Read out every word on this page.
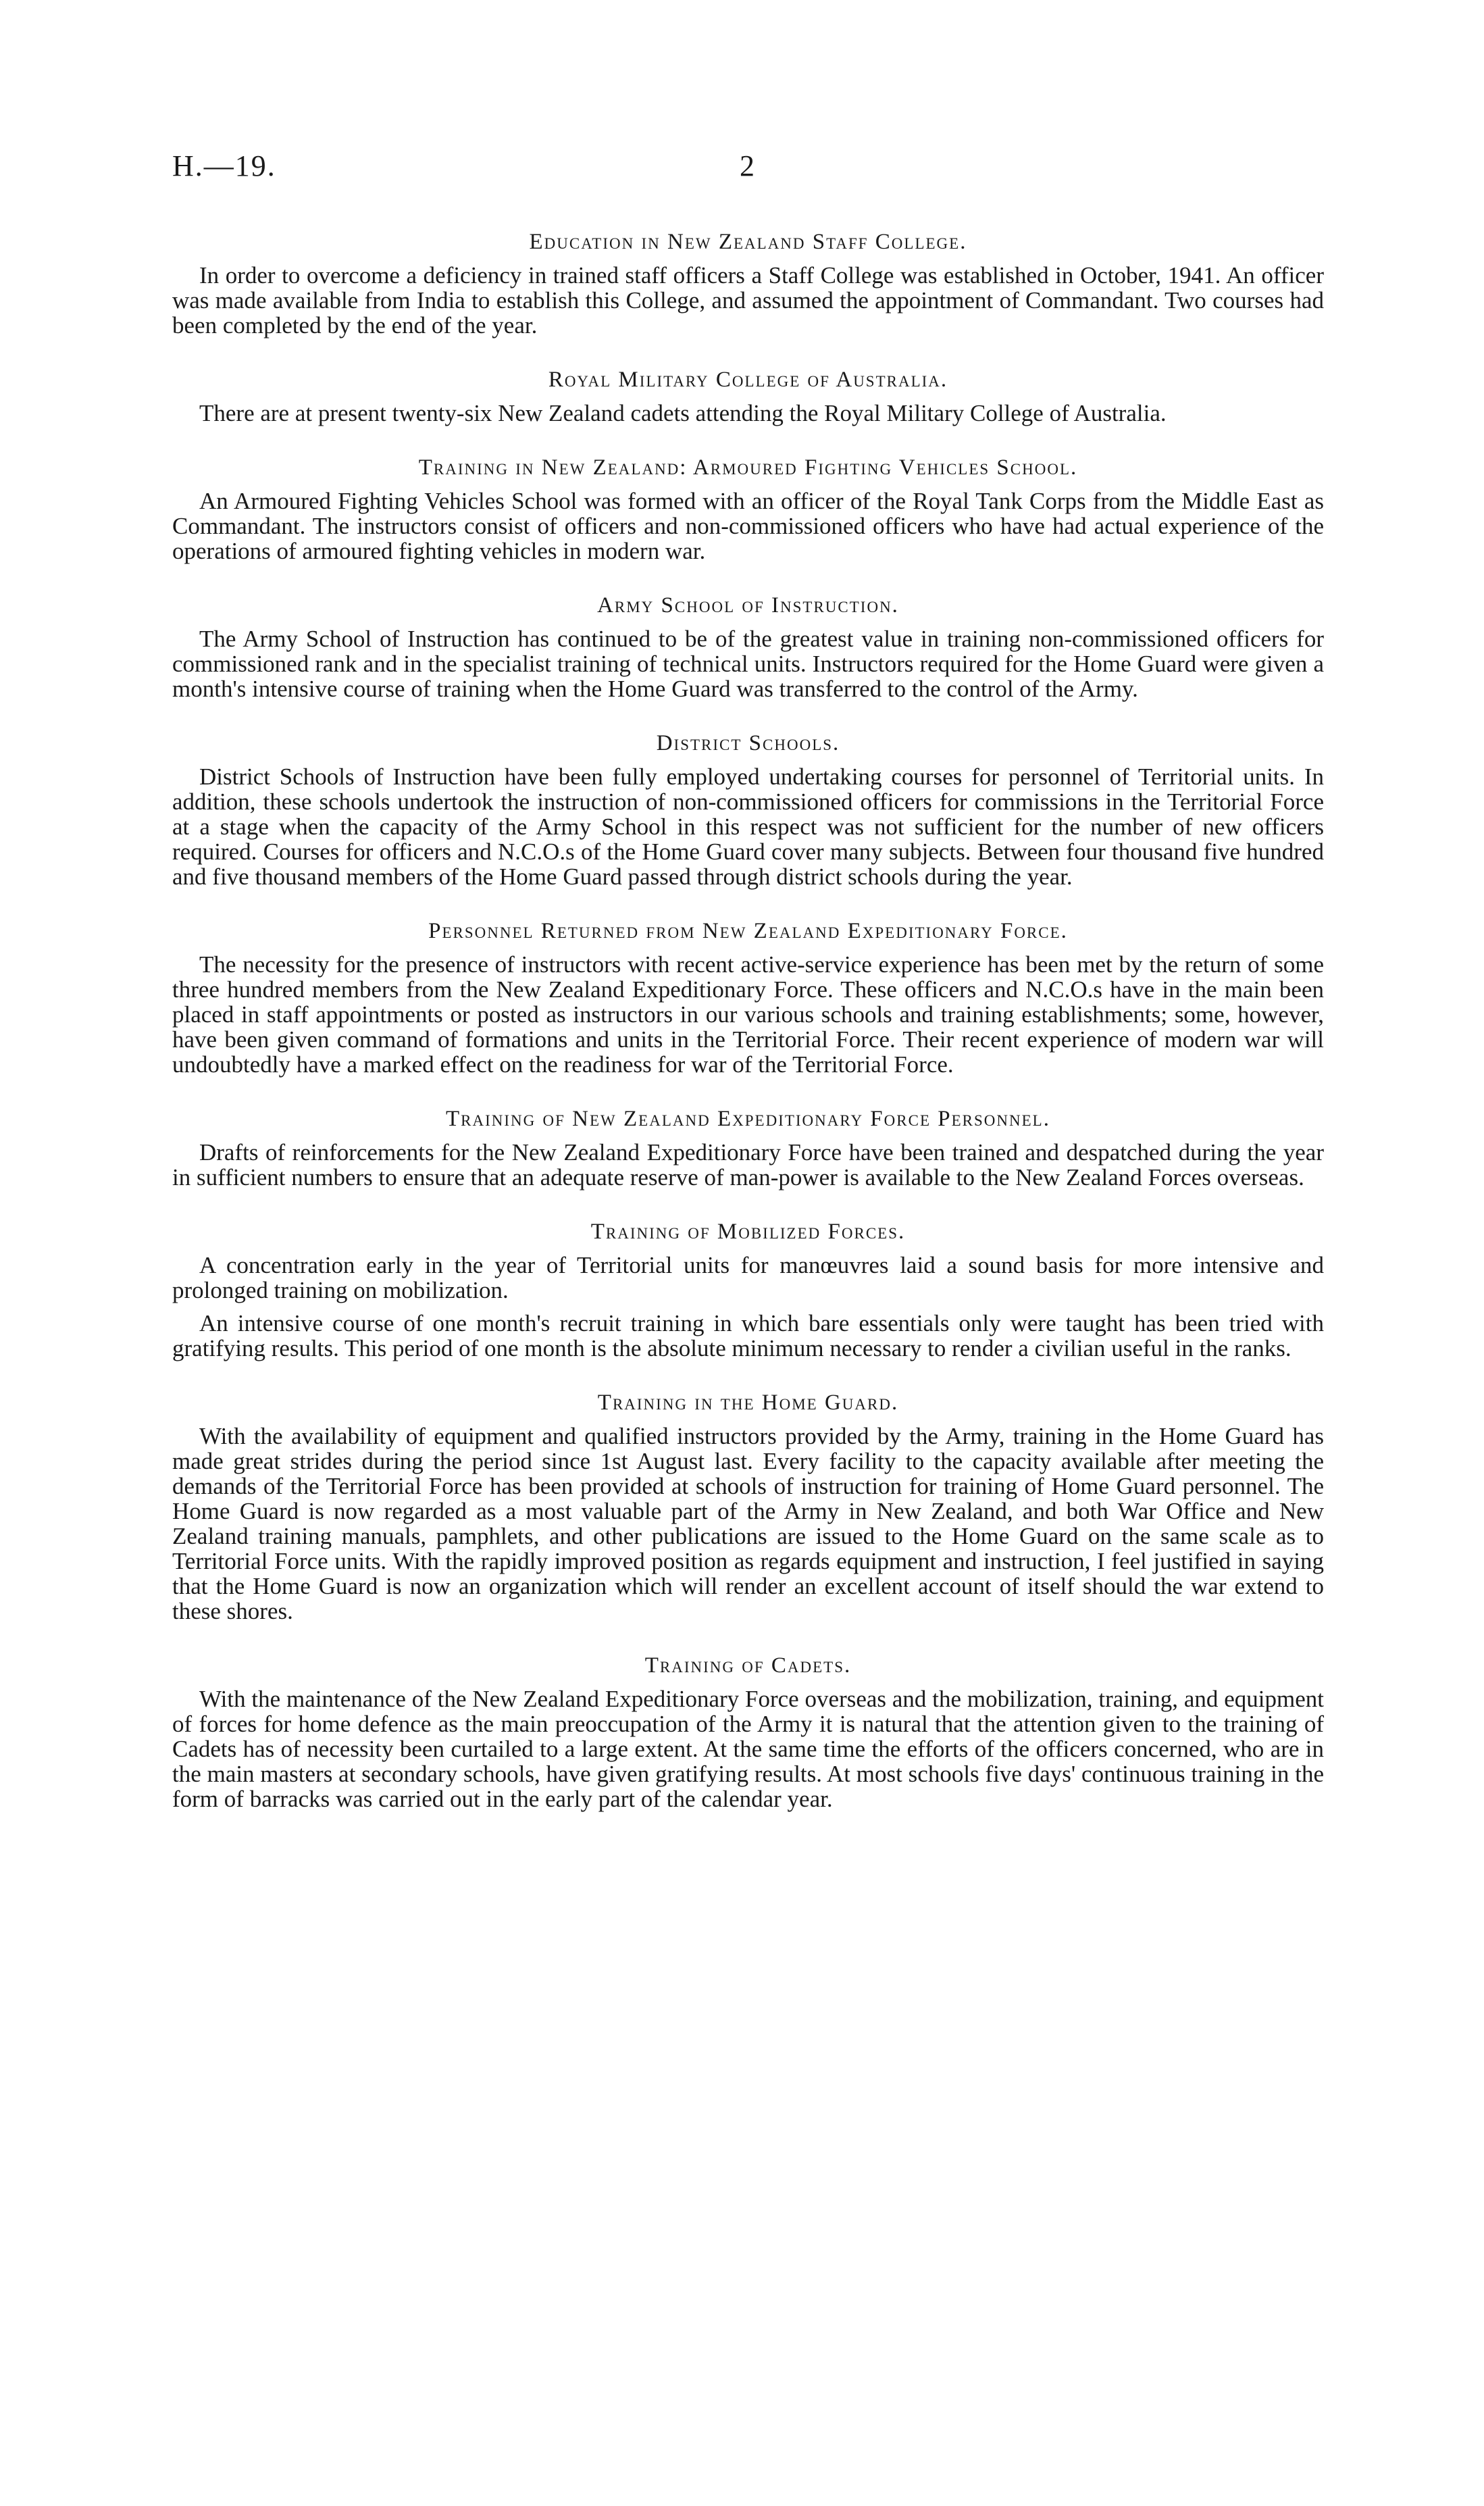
H.—19.	2
Education in New Zealand Staff College.

In order to overcome a deficiency in trained staff officers a Staff College was established in October, 1941. An officer was made available from India to establish this College, and assumed the appointment of Commandant. Two courses had been completed by the end of the year.

Royal Military College of Australia.

There are at present twenty-six New Zealand cadets attending the Royal Military College of Australia.

Training in New Zealand: Armoured Fighting Vehicles School.

An Armoured Fighting Vehicles School was formed with an officer of the Royal Tank Corps from the Middle East as Commandant. The instructors consist of officers and non-commissioned officers who have had actual experience of the operations of armoured fighting vehicles in modern war.

Army School of Instruction.

The Army School of Instruction has continued to be of the greatest value in training non-commissioned officers for commissioned rank and in the specialist training of technical units. Instructors required for the Home Guard were given a month's intensive course of training when the Home Guard was transferred to the control of the Army.

District Schools.

District Schools of Instruction have been fully employed undertaking courses for personnel of Territorial units. In addition, these schools undertook the instruction of non-commissioned officers for commissions in the Territorial Force at a stage when the capacity of the Army School in this respect was not sufficient for the number of new officers required. Courses for officers and N.C.O.s of the Home Guard cover many subjects. Between four thousand five hundred and five thousand members of the Home Guard passed through district schools during the year.

Personnel Returned from New Zealand Expeditionary Force.

The necessity for the presence of instructors with recent active-service experience has been met by the return of some three hundred members from the New Zealand Expeditionary Force. These officers and N.C.O.s have in the main been placed in staff appointments or posted as instructors in our various schools and training establishments; some, however, have been given command of formations and units in the Territorial Force. Their recent experience of modern war will undoubtedly have a marked effect on the readiness for war of the Territorial Force.

Training of New Zealand Expeditionary Force Personnel.

Drafts of reinforcements for the New Zealand Expeditionary Force have been trained and despatched during the year in sufficient numbers to ensure that an adequate reserve of man-power is available to the New Zealand Forces overseas.

Training of Mobilized Forces.

A concentration early in the year of Territorial units for manœuvres laid a sound basis for more intensive and prolonged training on mobilization.

An intensive course of one month's recruit training in which bare essentials only were taught has been tried with gratifying results. This period of one month is the absolute minimum necessary to render a civilian useful in the ranks.

Training in the Home Guard.

With the availability of equipment and qualified instructors provided by the Army, training in the Home Guard has made great strides during the period since 1st August last. Every facility to the capacity available after meeting the demands of the Territorial Force has been provided at schools of instruction for training of Home Guard personnel. The Home Guard is now regarded as a most valuable part of the Army in New Zealand, and both War Office and New Zealand training manuals, pamphlets, and other publications are issued to the Home Guard on the same scale as to Territorial Force units. With the rapidly improved position as regards equipment and instruction, I feel justified in saying that the Home Guard is now an organization which will render an excellent account of itself should the war extend to these shores.

Training of Cadets.

With the maintenance of the New Zealand Expeditionary Force overseas and the mobilization, training, and equipment of forces for home defence as the main preoccupation of the Army it is natural that the attention given to the training of Cadets has of necessity been curtailed to a large extent. At the same time the efforts of the officers concerned, who are in the main masters at secondary schools, have given gratifying results. At most schools five days' continuous training in the form of barracks was carried out in the early part of the calendar year.
